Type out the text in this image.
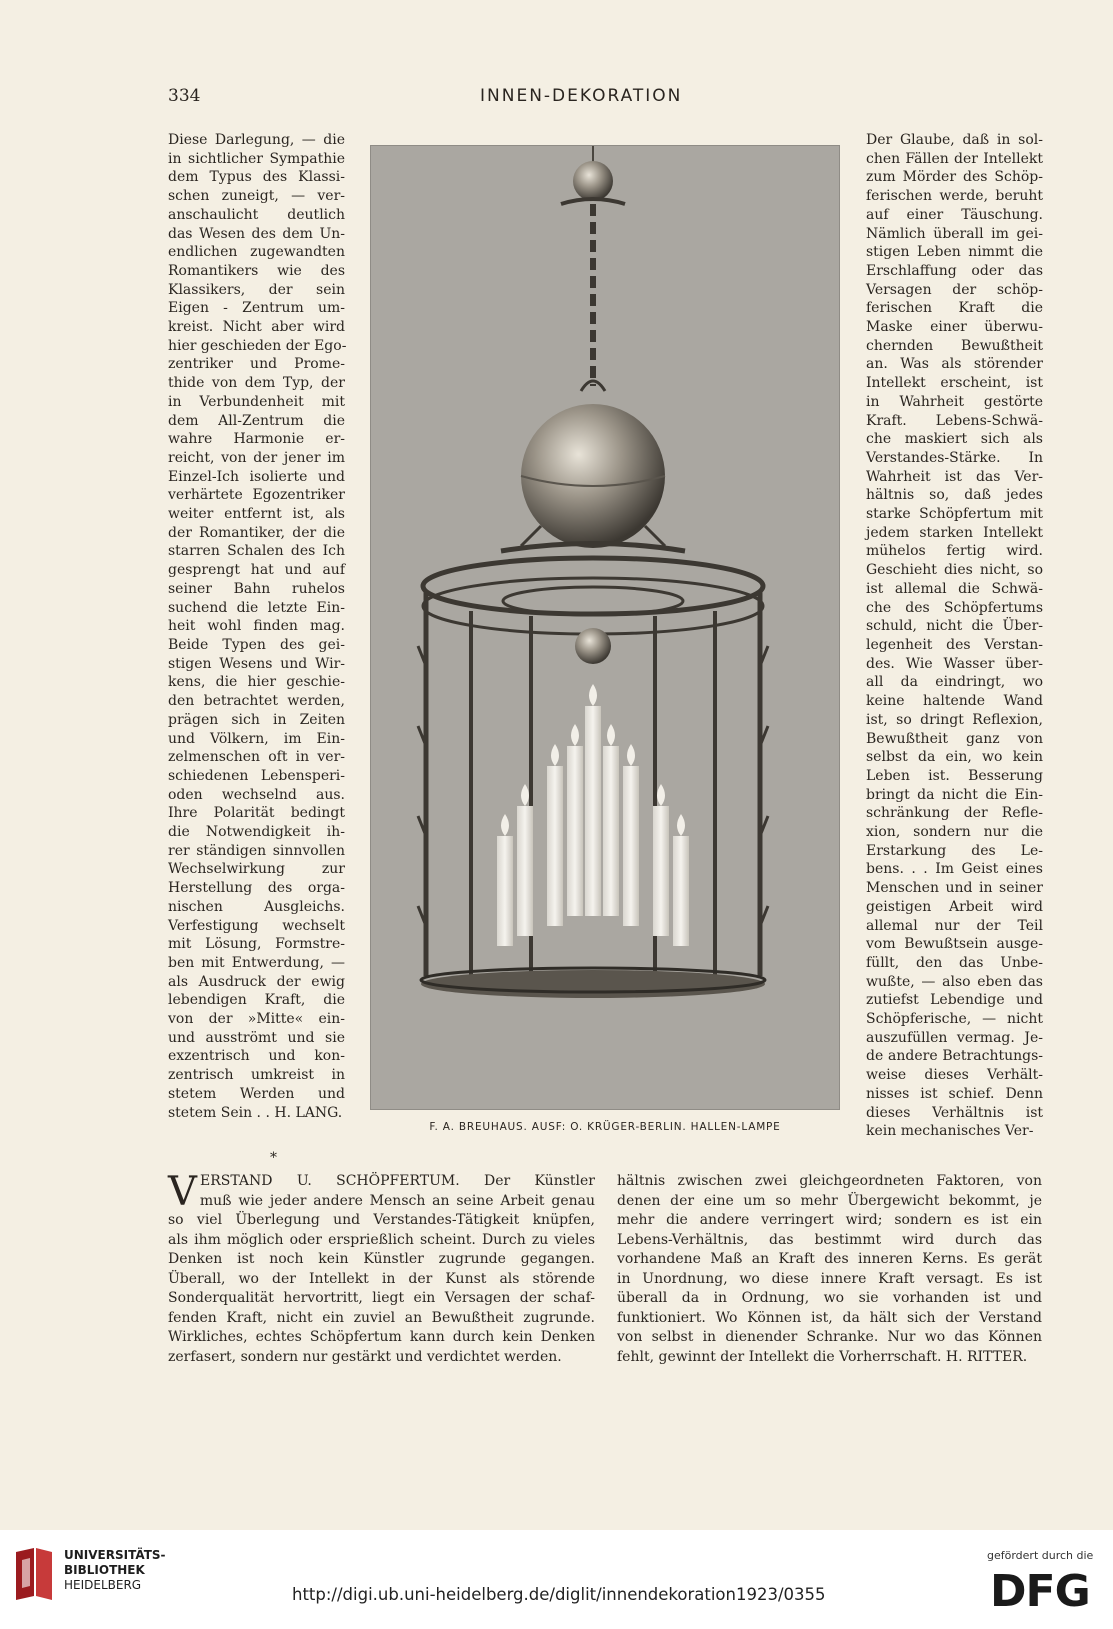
334	INNEN-DEKORATION
Diese Darlegung, — die
in sichtlicher Sympathie
dem Typus des Klassi-
schen zuneigt, — ver-
anschaulicht deutlich
das Wesen des dem Un-
endlichen zugewandten
Romantikers wie des
Klassikers, der sein
Eigen - Zentrum um-
kreist. Nicht aber wird
hier geschieden der Ego-
zentriker und Prome-
thide von dem Typ, der
in Verbundenheit mit
dem All-Zentrum die
wahre Harmonie er-
reicht, von der jener im
Einzel-Ich isolierte und
verhärtete Egozentriker
weiter entfernt ist, als
der Romantiker, der die
starren Schalen des Ich
gesprengt hat und auf
seiner Bahn ruhelos
suchend die letzte Ein-
heit wohl finden mag.
Beide Typen des gei-
stigen Wesens und Wir-
kens, die hier geschie-
den betrachtet werden,
prägen sich in Zeiten
und Völkern, im Ein-
zelmenschen oft in ver-
schiedenen Lebensperi-
oden wechselnd aus.
Ihre Polarität bedingt
die Notwendigkeit ih-
rer ständigen sinnvollen
Wechselwirkung zur
Herstellung des orga-
nischen Ausgleichs.
Verfestigung wechselt
mit Lösung, Formstre-
ben mit Entwerdung, —
als Ausdruck der ewig
lebendigen Kraft, die
von der »Mitte« ein-
und ausströmt und sie
exzentrisch und kon-
zentrisch umkreist in
stetem Werden und
stetem Sein . . H. LANG.
Der Glaube, daß in sol-
chen Fällen der Intellekt
zum Mörder des Schöp-
ferischen werde, beruht
auf einer Täuschung.
Nämlich überall im gei-
stigen Leben nimmt die
Erschlaffung oder das
Versagen der schöp-
ferischen Kraft die
Maske einer überwu-
chernden Bewußtheit
an. Was als störender
Intellekt erscheint, ist
in Wahrheit gestörte
Kraft. Lebens-Schwä-
che maskiert sich als
Verstandes-Stärke. In
Wahrheit ist das Ver-
hältnis so, daß jedes
starke Schöpfertum mit
jedem starken Intellekt
mühelos fertig wird.
Geschieht dies nicht, so
ist allemal die Schwä-
che des Schöpfertums
schuld, nicht die Über-
legenheit des Verstan-
des. Wie Wasser über-
all da eindringt, wo
keine haltende Wand
ist, so dringt Reflexion,
Bewußtheit ganz von
selbst da ein, wo kein
Leben ist. Besserung
bringt da nicht die Ein-
schränkung der Refle-
xion, sondern nur die
Erstarkung des Le-
bens. . . Im Geist eines
Menschen und in seiner
geistigen Arbeit wird
allemal nur der Teil
vom Bewußtsein ausge-
füllt, den das Unbe-
wußte, — also eben das
zutiefst Lebendige und
Schöpferische, — nicht
auszufüllen vermag. Je-
de andere Betrachtungs-
weise dieses Verhält-
nisses ist schief. Denn
dieses Verhältnis ist
kein mechanisches Ver-
*
F. A. BREUHAUS. AUSF: O. KRÜGER-BERLIN. HALLEN-LAMPE
V ERSTAND U. SCHÖPFERTUM. Der Künstler
muß wie jeder andere Mensch an seine Arbeit genau
so viel Überlegung und Verstandes-Tätigkeit knüpfen,
als ihm möglich oder ersprießlich scheint. Durch zu vieles
Denken ist noch kein Künstler zugrunde gegangen.
Überall, wo der Intellekt in der Kunst als störende
Sonderqualität hervortritt, liegt ein Versagen der schaf-
fenden Kraft, nicht ein zuviel an Bewußtheit zugrunde.
Wirkliches, echtes Schöpfertum kann durch kein Denken
zerfasert, sondern nur gestärkt und verdichtet werden.
hältnis zwischen zwei gleichgeordneten Faktoren, von
denen der eine um so mehr Übergewicht bekommt, je
mehr die andere verringert wird; sondern es ist ein
Lebens-Verhältnis, das bestimmt wird durch das
vorhandene Maß an Kraft des inneren Kerns. Es gerät
in Unordnung, wo diese innere Kraft versagt. Es ist
überall da in Ordnung, wo sie vorhanden ist und
funktioniert. Wo Können ist, da hält sich der Verstand
von selbst in dienender Schranke. Nur wo das Können
fehlt, gewinnt der Intellekt die Vorherrschaft. H. RITTER.
UNIVERSITÄTS-
BIBLIOTHEK
HEIDELBERG	http://digi.ub.uni-heidelberg.de/diglit/innendekoration1923/0355
gefördert durch die
DFG
